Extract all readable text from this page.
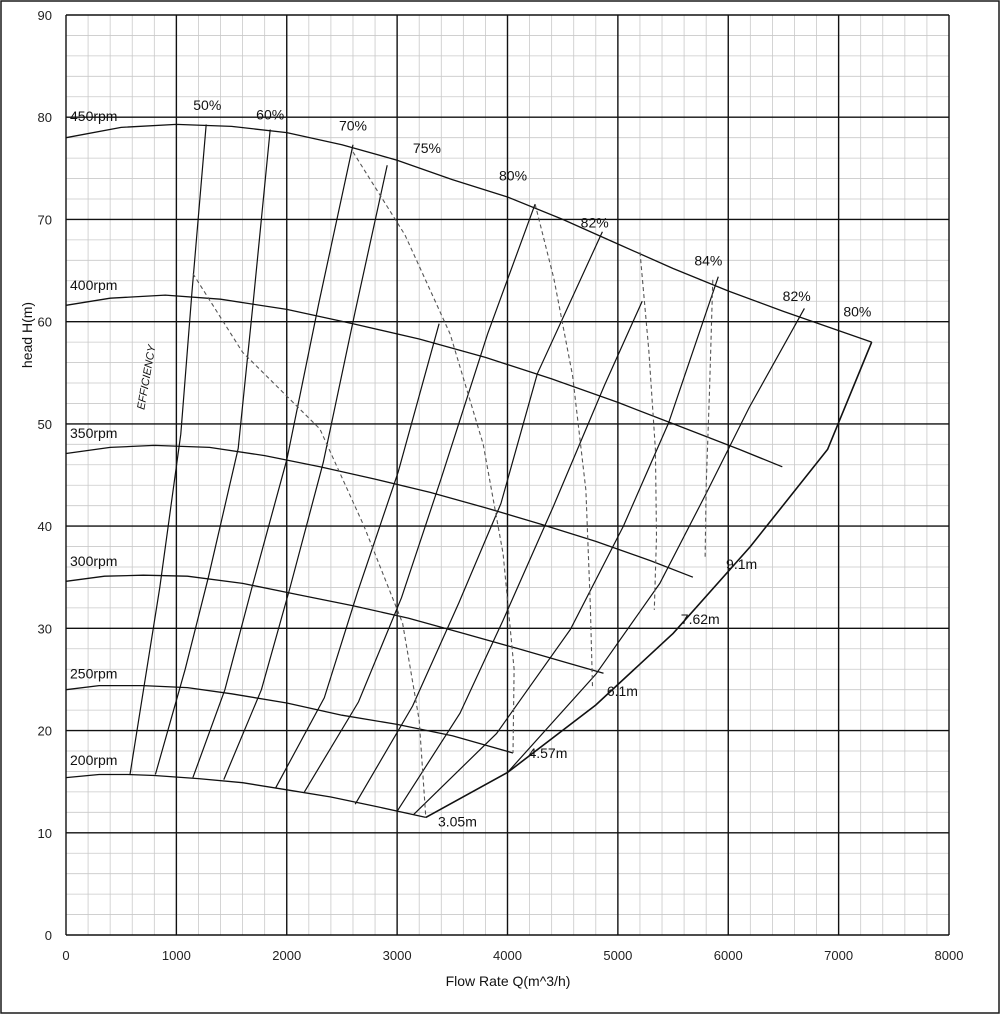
0	1000	2000	3000	4000	5000	6000	7000	8000
0
10
20
30
40
50
60
70
80
90
450rpm
400rpm
350rpm
300rpm
250rpm
200rpm
50%
60%
70%
75%
80%
82%
84%
82%
80%
3.05m
4.57m
6.1m
7.62m
9.1m
EFFICIENCY
Flow Rate Q(m^3/h)
head H(m)
